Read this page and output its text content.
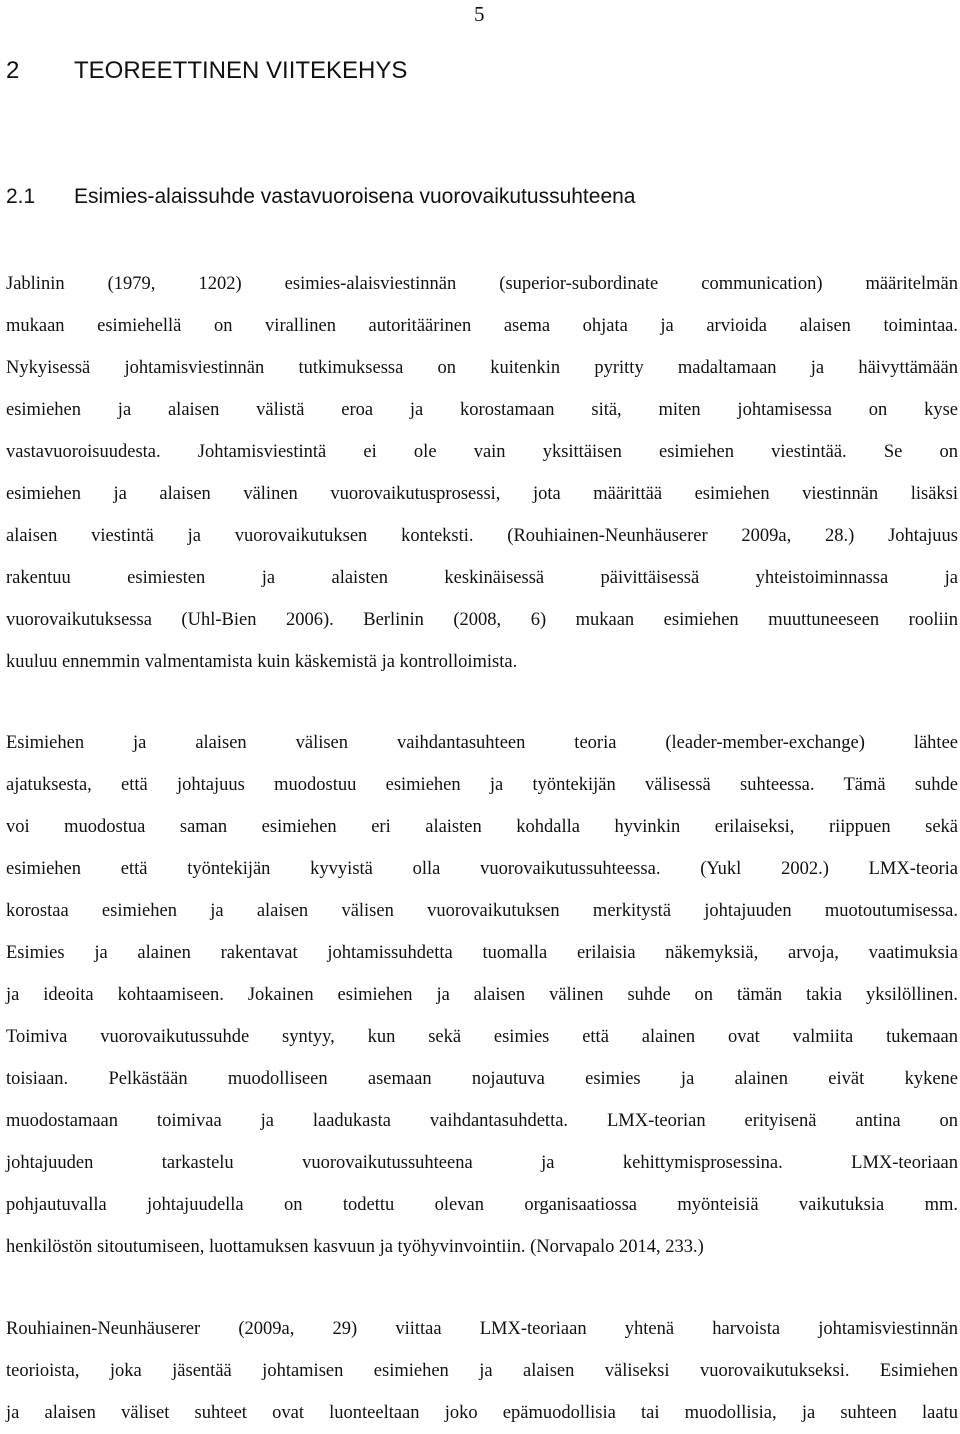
5
2 TEOREETTINEN VIITEKEHYS
2.1 Esimies-alaissuhde vastavuoroisena vuorovaikutussuhteena

Jablinin (1979, 1202) esimies-alaisviestinnän (superior-subordinate communication) määritelmän
mukaan esimiehellä on virallinen autoritäärinen asema ohjata ja arvioida alaisen toimintaa.
Nykyisessä johtamisviestinnän tutkimuksessa on kuitenkin pyritty madaltamaan ja häivyttämään
esimiehen ja alaisen välistä eroa ja korostamaan sitä, miten johtamisessa on kyse
vastavuoroisuudesta. Johtamisviestintä ei ole vain yksittäisen esimiehen viestintää. Se on
esimiehen ja alaisen välinen vuorovaikutusprosessi, jota määrittää esimiehen viestinnän lisäksi
alaisen viestintä ja vuorovaikutuksen konteksti. (Rouhiainen-Neunhäuserer 2009a, 28.) Johtajuus
rakentuu esimiesten ja alaisten keskinäisessä päivittäisessä yhteistoiminnassa ja
vuorovaikutuksessa (Uhl-Bien 2006). Berlinin (2008, 6) mukaan esimiehen muuttuneeseen rooliin
kuuluu ennemmin valmentamista kuin käskemistä ja kontrolloimista.

Esimiehen ja alaisen välisen vaihdantasuhteen teoria (leader-member-exchange) lähtee
ajatuksesta, että johtajuus muodostuu esimiehen ja työntekijän välisessä suhteessa. Tämä suhde
voi muodostua saman esimiehen eri alaisten kohdalla hyvinkin erilaiseksi, riippuen sekä
esimiehen että työntekijän kyvyistä olla vuorovaikutussuhteessa. (Yukl 2002.) LMX-teoria
korostaa esimiehen ja alaisen välisen vuorovaikutuksen merkitystä johtajuuden muotoutumisessa.
Esimies ja alainen rakentavat johtamissuhdetta tuomalla erilaisia näkemyksiä, arvoja, vaatimuksia
ja ideoita kohtaamiseen. Jokainen esimiehen ja alaisen välinen suhde on tämän takia yksilöllinen.
Toimiva vuorovaikutussuhde syntyy, kun sekä esimies että alainen ovat valmiita tukemaan
toisiaan. Pelkästään muodolliseen asemaan nojautuva esimies ja alainen eivät kykene
muodostamaan toimivaa ja laadukasta vaihdantasuhdetta. LMX-teorian erityisenä antina on
johtajuuden tarkastelu vuorovaikutussuhteena ja kehittymisprosessina. LMX-teoriaan
pohjautuvalla johtajuudella on todettu olevan organisaatiossa myönteisiä vaikutuksia mm.
henkilöstön sitoutumiseen, luottamuksen kasvuun ja työhyvinvointiin. (Norvapalo 2014, 233.)

Rouhiainen-Neunhäuserer (2009a, 29) viittaa LMX-teoriaan yhtenä harvoista johtamisviestinnän
teorioista, joka jäsentää johtamisen esimiehen ja alaisen väliseksi vuorovaikutukseksi. Esimiehen
ja alaisen väliset suhteet ovat luonteeltaan joko epämuodollisia tai muodollisia, ja suhteen laatu
